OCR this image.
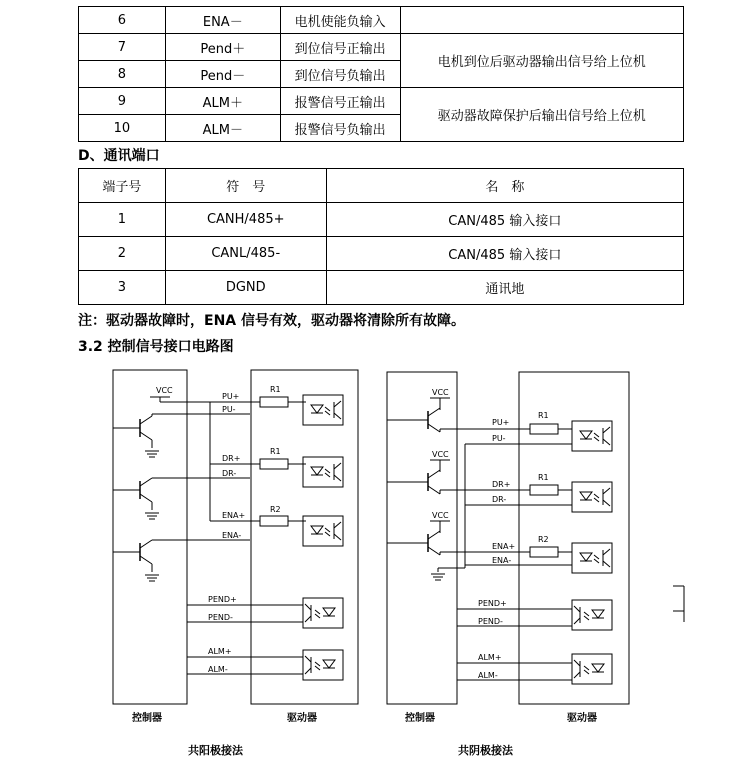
6	ENA－	电机使能负输入	
7	Pend＋	到位信号正输出	电机到位后驱动器输出信号给上位机
8	Pend－	到位信号负输出	
9	ALM＋	报警信号正输出	驱动器故障保护后输出信号给上位机
10	ALM－	报警信号负输出	
D、通讯端口
端子号	符　号	名　称
1	CANH/485+	CAN/485 输入接口
2	CANL/485-	CAN/485 输入接口
3	DGND	通讯地
注：驱动器故障时，ENA 信号有效，驱动器将清除所有故障。
3.2 控制信号接口电路图
VCC	R1
R1
R2
PU+
PU-
DR+
DR-
ENA+
ENA-
PEND+
PEND-
ALM+
ALM-
控制器	驱动器
共阳极接法
VCC
VCC
VCC
R1
R1
R2
PU+
PU-
DR+
DR-
ENA+
ENA-
PEND+
PEND-
ALM+
ALM-
控制器	驱动器
共阴极接法
